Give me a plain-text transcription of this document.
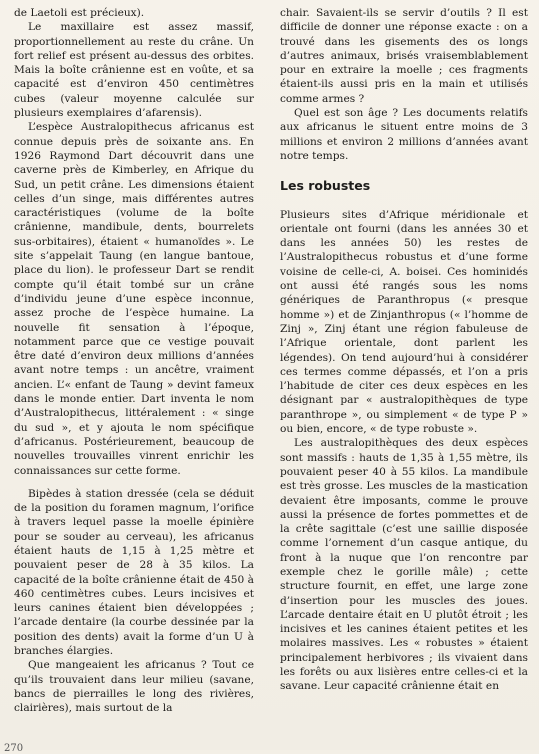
de Laetoli est précieux).

Le maxillaire est assez massif, proportionnellement au reste du crâne. Un fort relief est présent au-dessus des orbites. Mais la boîte crânienne est en voûte, et sa capacité est d’environ 450 centimètres cubes (valeur moyenne calculée sur plusieurs exemplaires d’afarensis).

L’espèce Australopithecus africanus est connue depuis près de soixante ans. En 1926 Raymond Dart découvrit dans une caverne près de Kimberley, en Afrique du Sud, un petit crâne. Les dimensions étaient celles d’un singe, mais différentes autres caractéristiques (volume de la boîte crânienne, mandibule, dents, bourrelets sus-orbitaires), étaient « humanoïdes ». Le site s’appelait Taung (en langue bantoue, place du lion). le professeur Dart se rendit compte qu’il était tombé sur un crâne d’individu jeune d’une espèce inconnue, assez proche de l’espèce humaine. La nouvelle fit sensation à l’époque, notamment parce que ce vestige pouvait être daté d’environ deux millions d’années avant notre temps : un ancêtre, vraiment ancien. L’« enfant de Taung » devint fameux dans le monde entier. Dart inventa le nom d’Australopithecus, littéralement : « singe du sud », et y ajouta le nom spécifique d’africanus. Postérieurement, beaucoup de nouvelles trouvailles vinrent enrichir les connaissances sur cette forme.

Bipèdes à station dressée (cela se déduit de la position du foramen magnum, l’orifice à travers lequel passe la moelle épinière pour se souder au cerveau), les africanus étaient hauts de 1,15 à 1,25 mètre et pouvaient peser de 28 à 35 kilos. La capacité de la boîte crânienne était de 450 à 460 centimètres cubes. Leurs incisives et leurs canines étaient bien développées ; l’arcade dentaire (la courbe dessinée par la position des dents) avait la forme d’un U à branches élargies.

Que mangeaient les africanus ? Tout ce qu’ils trouvaient dans leur milieu (savane, bancs de pierrailles le long des rivières, clairières), mais surtout de la

chair. Savaient-ils se servir d’outils ? Il est difficile de donner une réponse exacte : on a trouvé dans les gisements des os longs d’autres animaux, brisés vraisemblablement pour en extraire la moelle ; ces fragments étaient-ils aussi pris en la main et utilisés comme armes ?

Quel est son âge ? Les documents relatifs aux africanus le situent entre moins de 3 millions et environ 2 millions d’années avant notre temps.

Les robustes

Plusieurs sites d’Afrique méridionale et orientale ont fourni (dans les années 30 et dans les années 50) les restes de l’Australopithecus robustus et d’une forme voisine de celle-ci, A. boisei. Ces hominidés ont aussi été rangés sous les noms génériques de Paranthropus (« presque homme ») et de Zinjanthropus (« l’homme de Zinj », Zinj étant une région fabuleuse de l’Afrique orientale, dont parlent les légendes). On tend aujourd’hui à considérer ces termes comme dépassés, et l’on a pris l’habitude de citer ces deux espèces en les désignant par « australopithèques de type paranthrope », ou simplement « de type P » ou bien, encore, « de type robuste ».

Les australopithèques des deux espèces sont massifs : hauts de 1,35 à 1,55 mètre, ils pouvaient peser 40 à 55 kilos. La mandibule est très grosse. Les muscles de la mastication devaient être imposants, comme le prouve aussi la présence de fortes pommettes et de la crête sagittale (c’est une saillie disposée comme l’ornement d’un casque antique, du front à la nuque que l’on rencontre par exemple chez le gorille mâle) ; cette structure fournit, en effet, une large zone d’insertion pour les muscles des joues. L’arcade dentaire était en U plutôt étroit ; les incisives et les canines étaient petites et les molaires massives. Les « robustes » étaient principalement herbivores ; ils vivaient dans les forêts ou aux lisières entre celles-ci et la savane. Leur capacité crânienne était en

270
